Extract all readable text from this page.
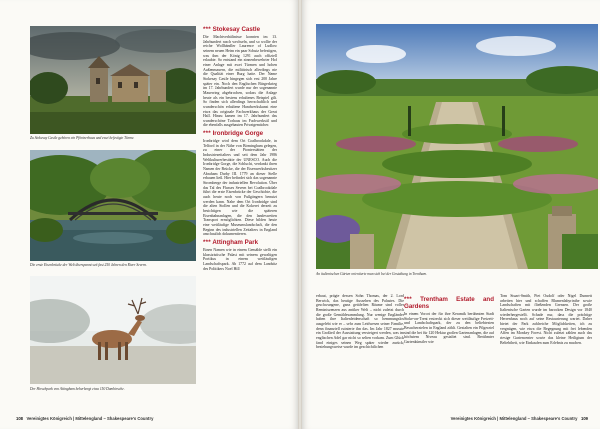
Zu Stokesay Castle gehören ein Pförtnerhaus und zwei befestigte Türme.
Die erste Eisenbrücke der Welt überspannt seit fast 250 Jahren den River Severn.
Der Hirschpark von Attingham beherbergt etwa 150 Damhirsche.
*** Stokesay Castle

Die Machtverhältnisse konnten im 13. Jahrhundert rasch wechseln, und so wollte der reiche Wollhändler Laurence of Ludlow seinem neuen Heim ein paar Schutz befestigen, was ihm der König 1291 auch offiziell erlaubte. So entstand ein zinnenbewehrter Hof einer Anlage mit zwei Türmen und hohen Außenmauern, die militärisch allerdings nie die Qualität einer Burg hatte. Der Name Stokesay Castle hingegen sich erst 200 Jahre später ein. Noch den Englischen Bürgerkrieg im 17. Jahrhundert wurde nur der sogenannte Mauerring abgebrochen, sodass die Anlage heute als ein bestens erhaltenes Beispiel gilt. So finden sich allerdings herrschaftlich und wunderschön erhaltene Handwerkskunst eine etwa das originale Fachwerkhaus der Great Hall. Hinzu kamen im 17. Jahrhundert das wunderschöne Torhaus im Fachwerkstil und die ebenfalls ausgebauten Privatgemächer.

*** Ironbridge Gorge

Ironbridge wird dem Ort Coalbrookdale, in Telford in der Nähe von Birmingham gelegen, zu einer der Pionierstätten der Industriezeitalters und seit dem Jahr 1986 Weltkulturerbestätte der UNESCO. Auch die Ironbridge Gorge, die Schlucht, verdankt ihren Namen der Brücke, die der Eisenwerksbesitzer Abraham Darby III. 1779 an dieser Stelle erbauen ließ. Hier befindet sich das sogenannte Stromberge der industriellen Revolution. Über das Tal des Flusses Severn bei Coalbrookdale führt die erste Eisenbrücke der Geschichte, die auch heute noch von Fußgängern benutzt werden kann. Nahe dem Ort Ironbridge sind die alten Stollen und die Kokerei derzeit zu besichtigen wie die späteren Eisenbahnanlagen, die den landesweiten Transport ermöglichten. Diese bilden heute eine weitläufige Museumslandschaft, die den Beginn des industriellen Zeitalters in England anschaulich dokumentieren.

*** Attingham Park

Einen Namen wie in einem Gemälde stellt ein klassizistische Palast mit seinem gewaltigen Portikus in einem weitläufigen Landschaftspark. Ab 1772 auf dem Landsitz des Politikers Noel Hill

108 Vereinigtes Königreich | Mittelengland – Shakespeare's Country
An italienischen Gärten orientierte man sich bei der Gestaltung in Trentham.
*** Trentham Estate and Gardens

In einem Vorort der für ihre Keramik berühmten Stadt Stoke-on-Trent erstreckt sich dieser weitläufige Freizeit- und Landschaftspark, der zu den beliebtesten Besucherzielen in England zählt. Gestalten ein Pilgerziel sind die bei für 120 Hektar großen Gartenanlagen, die auf höchstem Niveau gestaltet sind. Berühmter Gartenkünstler wie

Tom Stuart-Smith, Piet Oudolf oder Nigel Dunnett arbeiten hier und schaffen Blumenlabyrinthe sowie Landschaften mit fließenden Grenzen. Der große Italienische Garten wurde im barocken Design vor 1840 wiederhergestellt. Schade nur, dass die prächtige Herrenhaus noch auf seine Restaurierung wartet. Daher bietet der Park zahlreiche Möglichkeiten, ich zu vergnügen, wie etwa die Begegnung mit frei lebenden Affen im Monkey Forest. Nicht zuletzt zählen auch das riesige Gartencenter sowie das kleine Heiligtum der Beliebtheit, wie Einkaufen zum Erlebnis zu machen.
Vereinigtes Königreich | Mittelengland – Shakespeare's Country 109
erbaut, prägte dessen Sohn Thomas, der 2. Lord Berwick, das heutige Aussehen des Palastes. Die geschwungene, ganz getäfelten Räume sind voller Reminiszenzen aus antiker Welt – nicht zuletzt durch die große Gemäldesammlung. Nur wenige Engländer haben ihre Italienleidenschaft so hemmungslos ausgelebt wie er – sehr zum Leidwesen seiner Familie, denn finanziell ruinierte ihn das. Im Jahr 1827 musste ein Großteil der Ausstattung versteigert werden, was im englischen Adel gar nicht so selten vorkam. Zum Glück fand einiges seinen Weg später wieder zurück; beziehungsweise wurde im geschichtlichen
